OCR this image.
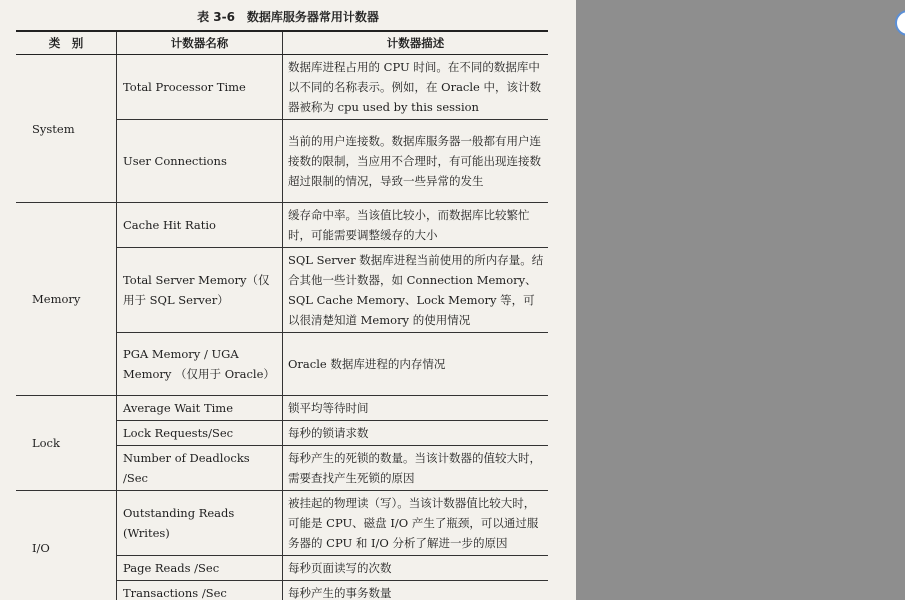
表 3-6　数据库服务器常用计数器
类　别	计数器名称	计数器描述
System	Total Processor Time	数据库进程占用的 CPU 时间。在不同的数据库中以不同的名称表示。例如，在 Oracle 中，该计数器被称为 cpu used by this session
	User Connections	当前的用户连接数。数据库服务器一般都有用户连接数的限制，当应用不合理时，有可能出现连接数超过限制的情况，导致一些异常的发生
Memory	Cache Hit Ratio	缓存命中率。当该值比较小，而数据库比较繁忙时，可能需要调整缓存的大小
	Total Server Memory（仅用于 SQL Server）	SQL Server 数据库进程当前使用的所内存量。结合其他一些计数器，如 Connection Memory、SQL Cache Memory、Lock Memory 等，可以很清楚知道 Memory 的使用情况
	PGA Memory / UGA Memory （仅用于 Oracle）	Oracle 数据库进程的内存情况
Lock	Average Wait Time	锁平均等待时间
	Lock Requests/Sec	每秒的锁请求数
	Number of Deadlocks /Sec	每秒产生的死锁的数量。当该计数器的值较大时，需要查找产生死锁的原因
I/O	Outstanding Reads (Writes)	被挂起的物理读（写）。当该计数器值比较大时，可能是 CPU、磁盘 I/O 产生了瓶颈，可以通过服务器的 CPU 和 I/O 分析了解进一步的原因
	Page Reads /Sec	每秒页面读写的次数
	Transactions /Sec	每秒产生的事务数量
